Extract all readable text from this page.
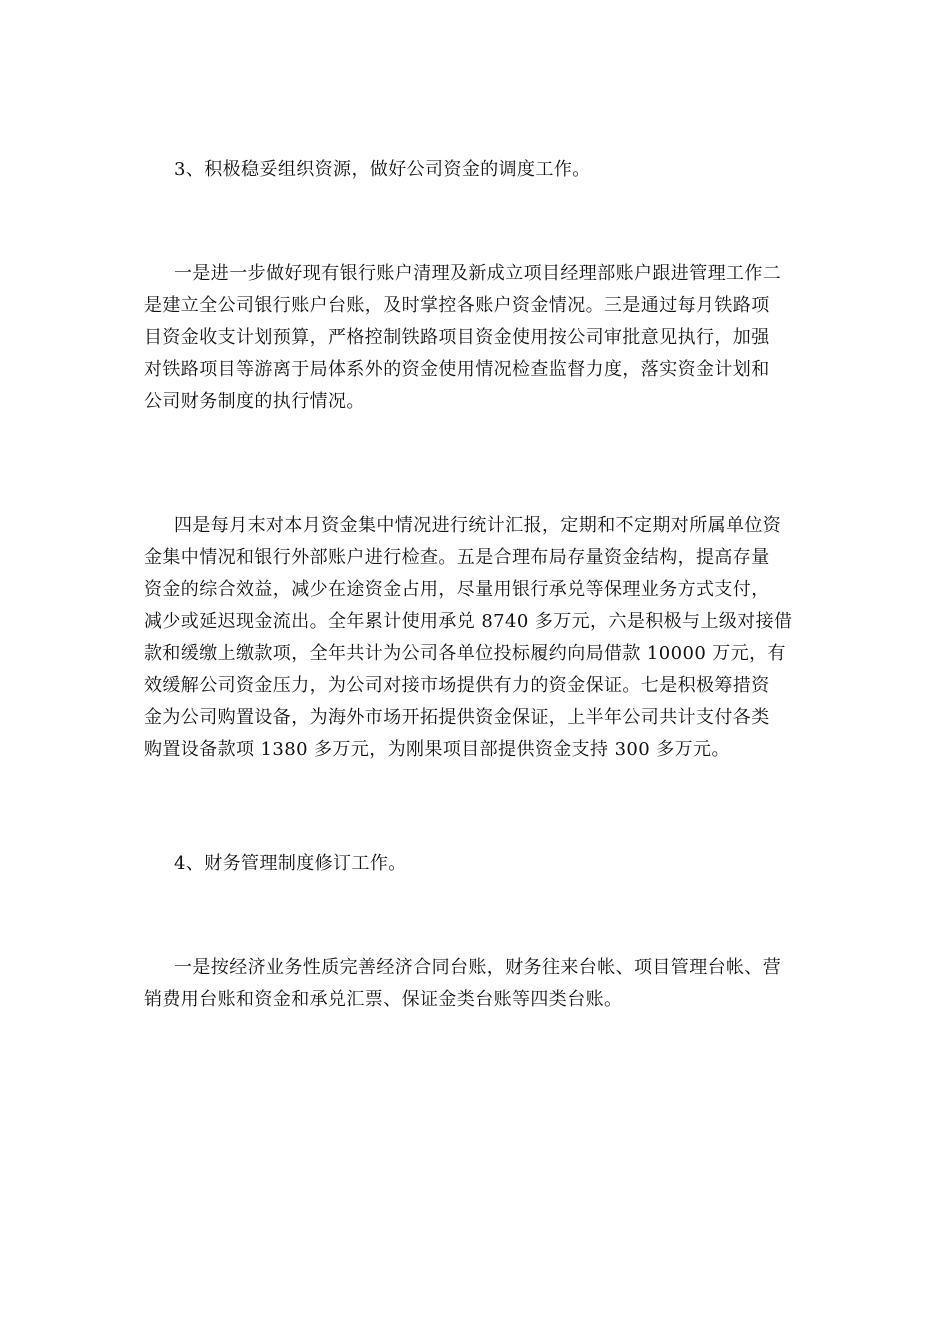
3、积极稳妥组织资源，做好公司资金的调度工作。
一是进一步做好现有银行账户清理及新成立项目经理部账户跟进管理工作二
是建立全公司银行账户台账，及时掌控各账户资金情况。三是通过每月铁路项
目资金收支计划预算，严格控制铁路项目资金使用按公司审批意见执行，加强
对铁路项目等游离于局体系外的资金使用情况检查监督力度，落实资金计划和
公司财务制度的执行情况。
四是每月末对本月资金集中情况进行统计汇报，定期和不定期对所属单位资
金集中情况和银行外部账户进行检查。五是合理布局存量资金结构，提高存量
资金的综合效益，减少在途资金占用，尽量用银行承兑等保理业务方式支付，
减少或延迟现金流出。全年累计使用承兑 8740 多万元，六是积极与上级对接借
款和缓缴上缴款项，全年共计为公司各单位投标履约向局借款 10000 万元，有
效缓解公司资金压力，为公司对接市场提供有力的资金保证。七是积极筹措资
金为公司购置设备，为海外市场开拓提供资金保证，上半年公司共计支付各类
购置设备款项 1380 多万元，为刚果项目部提供资金支持 300 多万元。
4、财务管理制度修订工作。
一是按经济业务性质完善经济合同台账，财务往来台帐、项目管理台帐、营
销费用台账和资金和承兑汇票、保证金类台账等四类台账。
